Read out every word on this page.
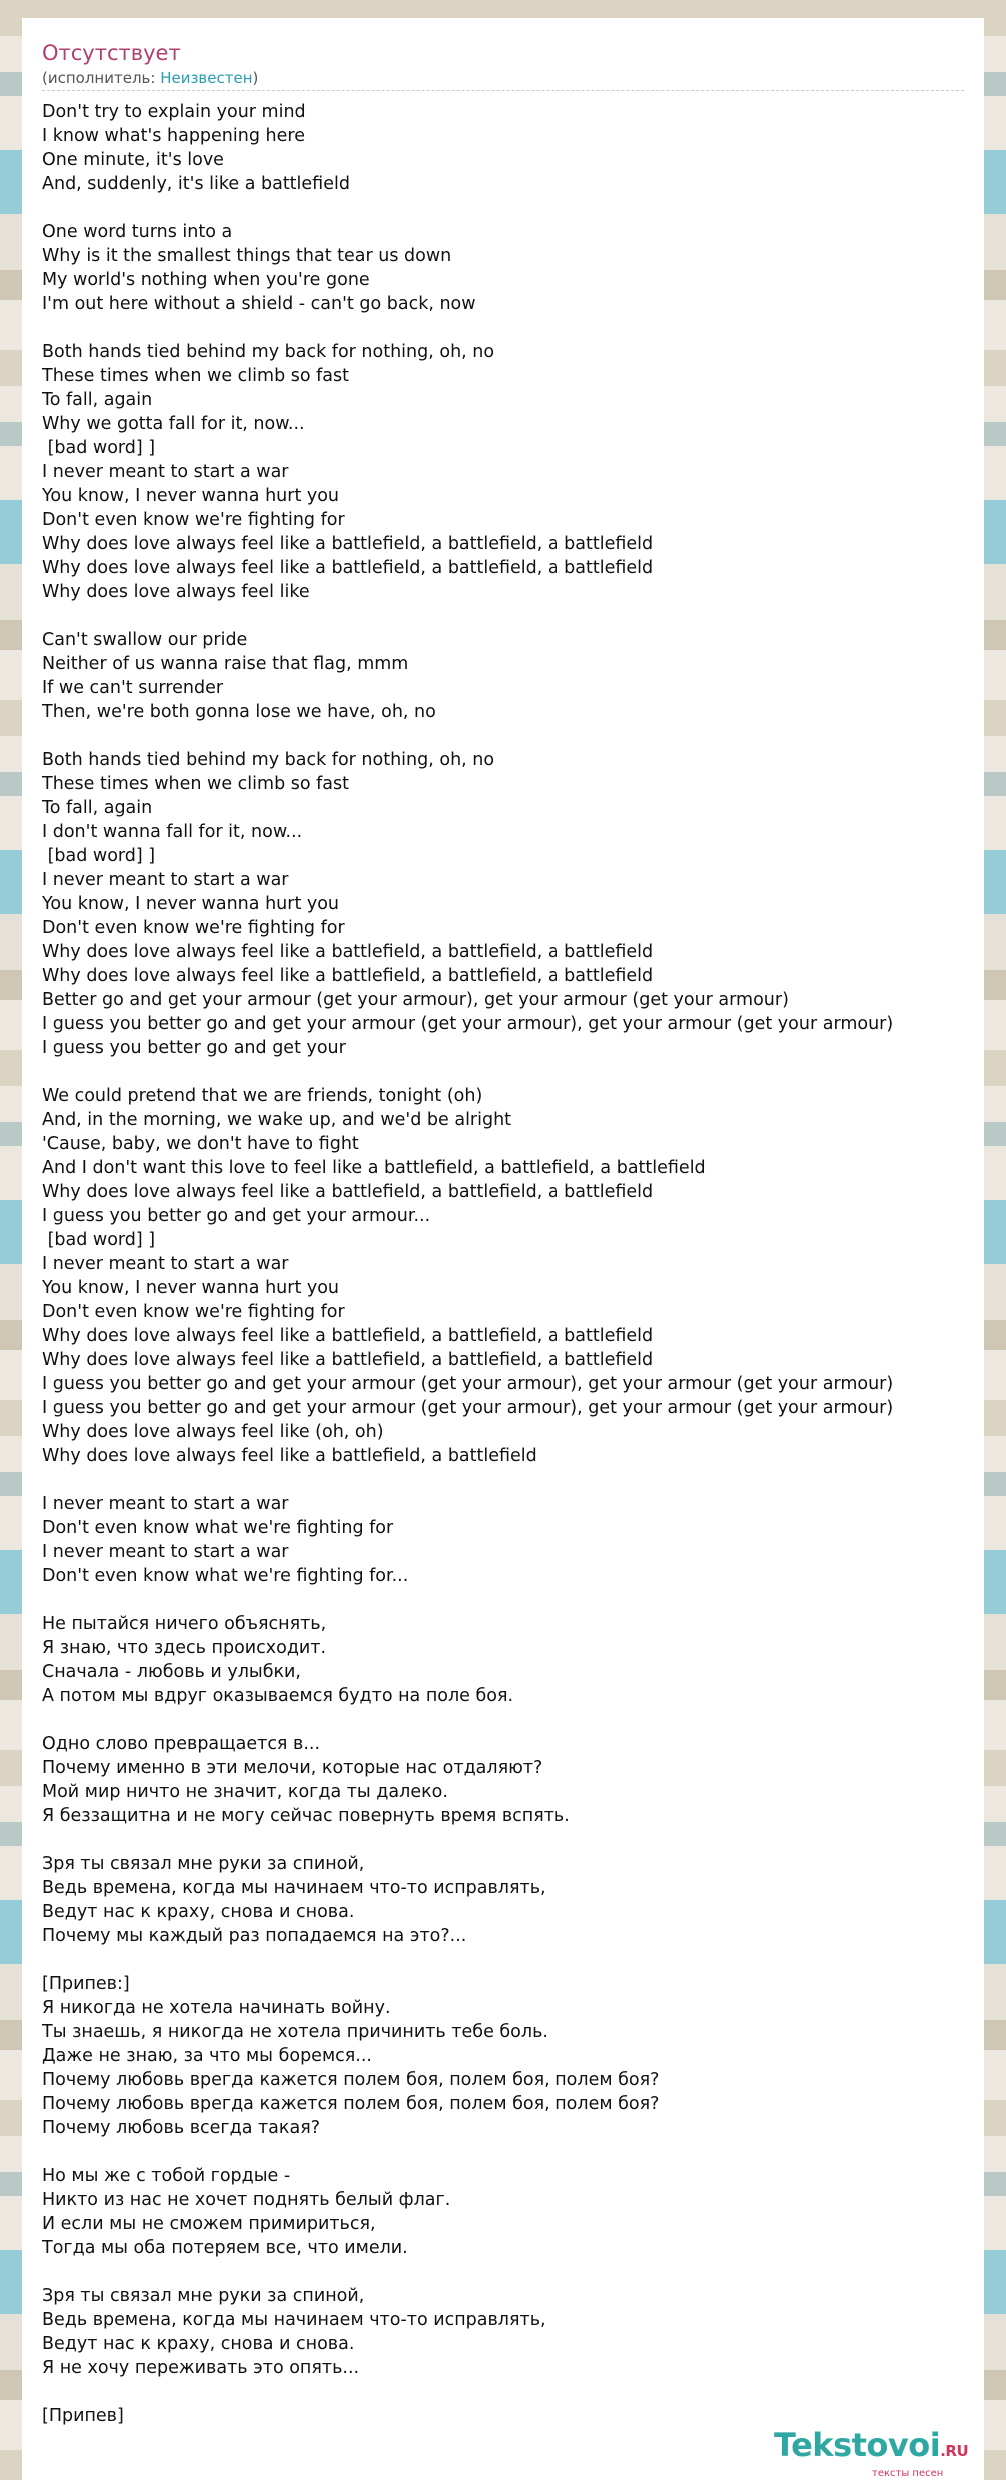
Отсутствует
(исполнитель: Неизвестен)
Don't try to explain your mind
I know what's happening here
One minute, it's love
And, suddenly, it's like a battlefield
One word turns into a
Why is it the smallest things that tear us down
My world's nothing when you're gone
I'm out here without a shield - can't go back, now
Both hands tied behind my back for nothing, oh, no
These times when we climb so fast
To fall, again
Why we gotta fall for it, now...
[bad word] ]
I never meant to start a war
You know, I never wanna hurt you
Don't even know we're fighting for
Why does love always feel like a battlefield, a battlefield, a battlefield
Why does love always feel like a battlefield, a battlefield, a battlefield
Why does love always feel like
Can't swallow our pride
Neither of us wanna raise that flag, mmm
If we can't surrender
Then, we're both gonna lose we have, oh, no
Both hands tied behind my back for nothing, oh, no
These times when we climb so fast
To fall, again
I don't wanna fall for it, now...
[bad word] ]
I never meant to start a war
You know, I never wanna hurt you
Don't even know we're fighting for
Why does love always feel like a battlefield, a battlefield, a battlefield
Why does love always feel like a battlefield, a battlefield, a battlefield
Better go and get your armour (get your armour), get your armour (get your armour)
I guess you better go and get your armour (get your armour), get your armour (get your armour)
I guess you better go and get your
We could pretend that we are friends, tonight (oh)
And, in the morning, we wake up, and we'd be alright
'Cause, baby, we don't have to fight
And I don't want this love to feel like a battlefield, a battlefield, a battlefield
Why does love always feel like a battlefield, a battlefield, a battlefield
I guess you better go and get your armour...
[bad word] ]
I never meant to start a war
You know, I never wanna hurt you
Don't even know we're fighting for
Why does love always feel like a battlefield, a battlefield, a battlefield
Why does love always feel like a battlefield, a battlefield, a battlefield
I guess you better go and get your armour (get your armour), get your armour (get your armour)
I guess you better go and get your armour (get your armour), get your armour (get your armour)
Why does love always feel like (oh, oh)
Why does love always feel like a battlefield, a battlefield
I never meant to start a war
Don't even know what we're fighting for
I never meant to start a war
Don't even know what we're fighting for...
Не пытайся ничего объяснять,
Я знаю, что здесь происходит.
Сначала - любовь и улыбки,
А потом мы вдруг оказываемся будто на поле боя.
Одно слово превращается в...
Почему именно в эти мелочи, которые нас отдаляют?
Мой мир ничто не значит, когда ты далеко.
Я беззащитна и не могу сейчас повернуть время вспять.
Зря ты связал мне руки за спиной,
Ведь времена, когда мы начинаем что-то исправлять,
Ведут нас к краху, снова и снова.
Почему мы каждый раз попадаемся на это?...
[Припев:]
Я никогда не хотела начинать войну.
Ты знаешь, я никогда не хотела причинить тебе боль.
Даже не знаю, за что мы боремся...
Почему любовь врегда кажется полем боя, полем боя, полем боя?
Почему любовь врегда кажется полем боя, полем боя, полем боя?
Почему любовь всегда такая?
Но мы же с тобой гордые -
Никто из нас не хочет поднять белый флаг.
И если мы не сможем примириться,
Тогда мы оба потеряем все, что имели.
Зря ты связал мне руки за спиной,
Ведь времена, когда мы начинаем что-то исправлять,
Ведут нас к краху, снова и снова.
Я не хочу переживать это опять...
[Припев]
Tekstovoi.RU
тексты песен
